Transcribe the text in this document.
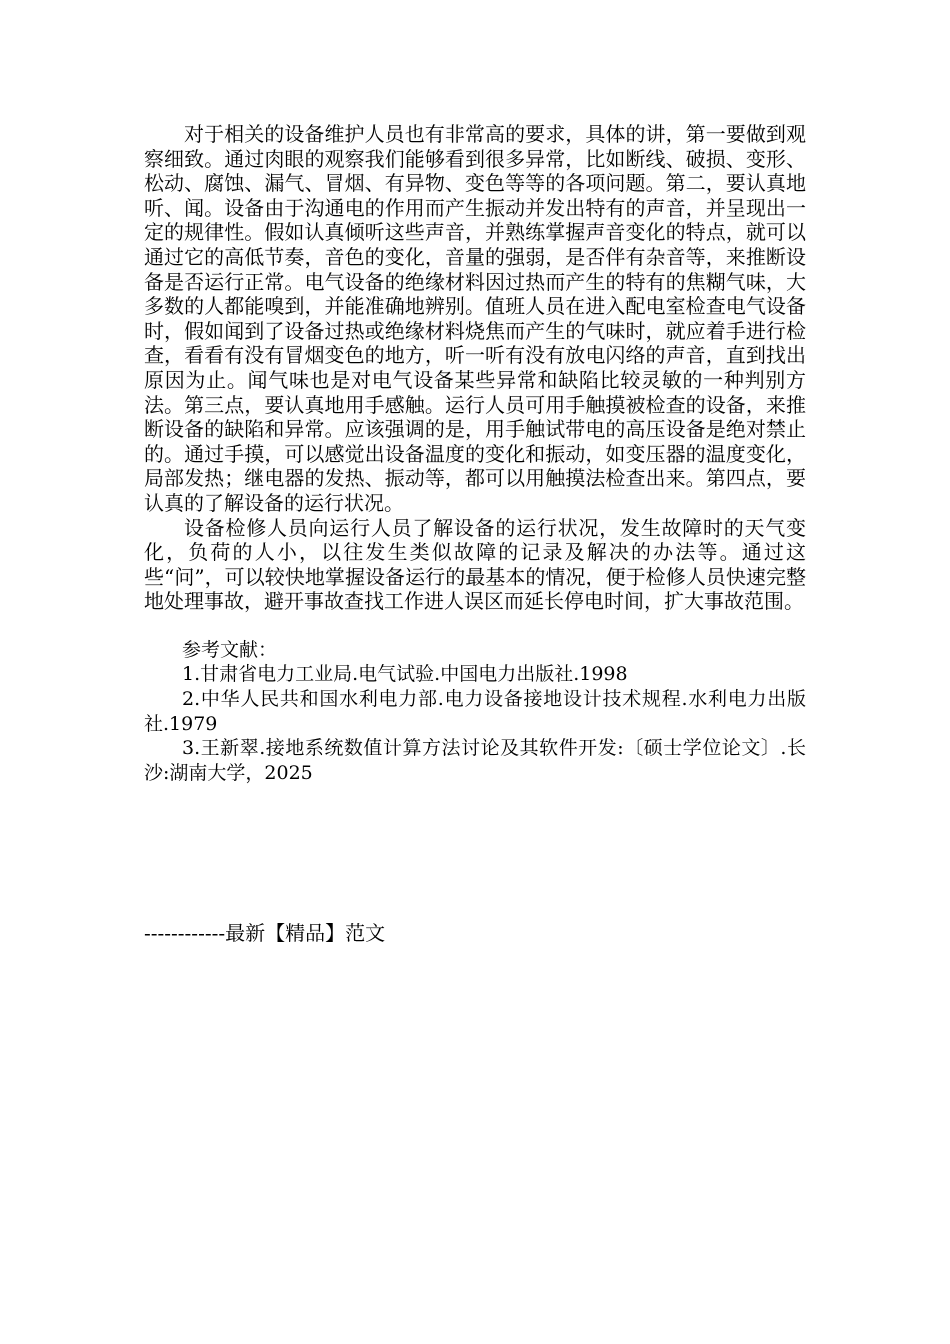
对于相关的设备维护人员也有非常高的要求，具体的讲，第一要做到观察细致。通过肉眼的观察我们能够看到很多异常，比如断线、破损、变形、松动、腐蚀、漏气、冒烟、有异物、变色等等的各项问题。第二，要认真地听、闻。设备由于沟通电的作用而产生振动并发出特有的声音，并呈现出一定的规律性。假如认真倾听这些声音，并熟练掌握声音变化的特点，就可以通过它的高低节奏，音色的变化，音量的强弱，是否伴有杂音等，来推断设备是否运行正常。电气设备的绝缘材料因过热而产生的特有的焦糊气味，大多数的人都能嗅到，并能准确地辨别。值班人员在进入配电室检查电气设备时，假如闻到了设备过热或绝缘材料烧焦而产生的气味时，就应着手进行检查，看看有没有冒烟变色的地方，听一听有没有放电闪络的声音，直到找出原因为止。闻气味也是对电气设备某些异常和缺陷比较灵敏的一种判别方法。第三点，要认真地用手感触。运行人员可用手触摸被检查的设备，来推断设备的缺陷和异常。应该强调的是，用手触试带电的高压设备是绝对禁止的。通过手摸，可以感觉出设备温度的变化和振动，如变压器的温度变化，局部发热；继电器的发热、振动等，都可以用触摸法检查出来。第四点，要认真的了解设备的运行状况。

设备检修人员向运行人员了解设备的运行状况，发生故障时的天气变化，负荷的人小，以往发生类似故障的记录及解决的办法等。通过这些“问”，可以较快地掌握设备运行的最基本的情况，便于检修人员快速完整地处理事故，避开事故查找工作进人误区而延长停电时间，扩大事故范围。

参考文献：

1.甘肃省电力工业局.电气试验.中国电力出版社.1998

2.中华人民共和国水利电力部.电力设备接地设计技术规程.水利电力出版社.1979

3.王新翠.接地系统数值计算方法讨论及其软件开发:〔硕士学位论文〕.长沙:湖南大学，2025

------------最新【精品】范文
